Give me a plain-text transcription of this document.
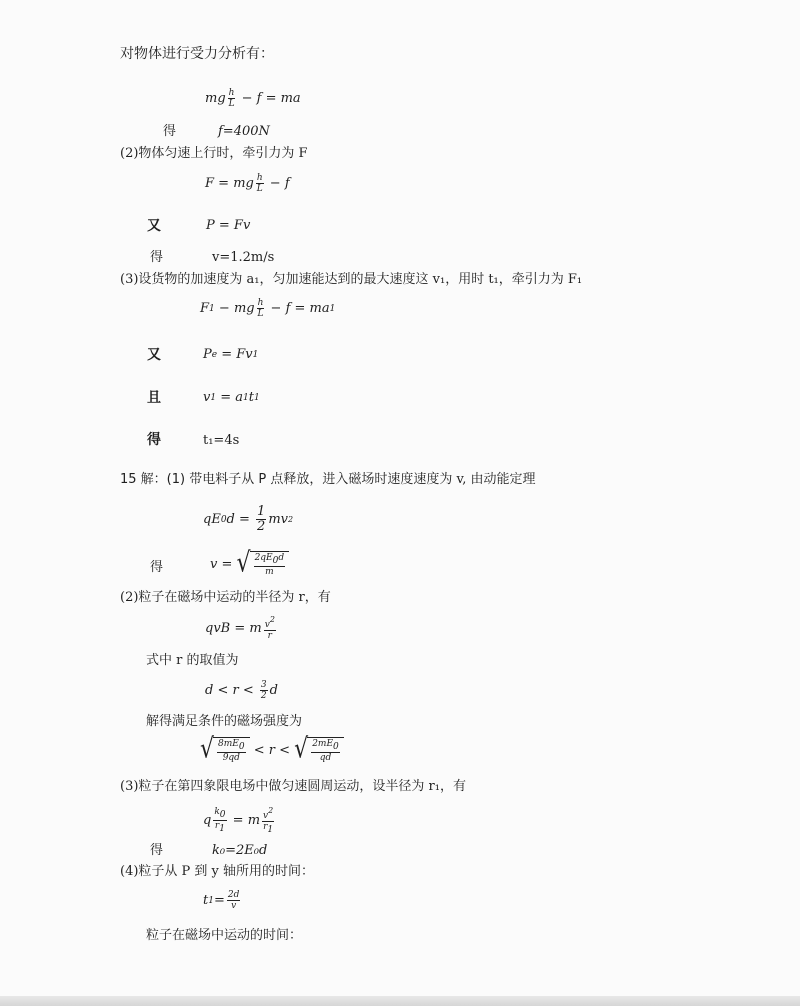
对物体进行受力分析有：
mg $\frac{h}{L} - f$ = ma
得	f=400N
(2)物体匀速上行时，牵引力为 F
F = mg $\frac{h}{L} - f$
又	P = Fv
得	v=1.2m/s
(3)设货物的加速度为 a₁，匀加速能达到的最大速度这 v₁，用时 t₁，牵引力为 F₁
F 1 − mg $\frac{h}{L} - f$ = ma 1
又	P e = Fv 1
且	v 1 = a 1 t 1
得	t₁=4s
15 解：(1) 带电料子从 P 点释放，进入磁场时速度速度为 v, 由动能定理
qE 0 $d = \frac{1}{2}$ mv 2
得	v = √ $\frac{2qE_0d}{m}$
(2)粒子在磁场中运动的半径为 r，有
qvB = m $\frac{v^2}{r}$
式中 r 的取值为
$d < r < \frac{3}{2}$ d
解得满足条件的磁场强度为
√ $\frac{8mE_0}{9qd} < r$ < √ $\frac{2mE_0}{qd}$
(3)粒子在第四象限电场中做匀速圆周运动，设半径为 r₁，有
q $\frac{k_0}{r_1} = m \frac{v^2}{r_1}$
得	k₀=2E₀d
(4)粒子从 P 到 y 轴所用的时间：
t $1 = \frac{2d}{v}$
粒子在磁场中运动的时间：
